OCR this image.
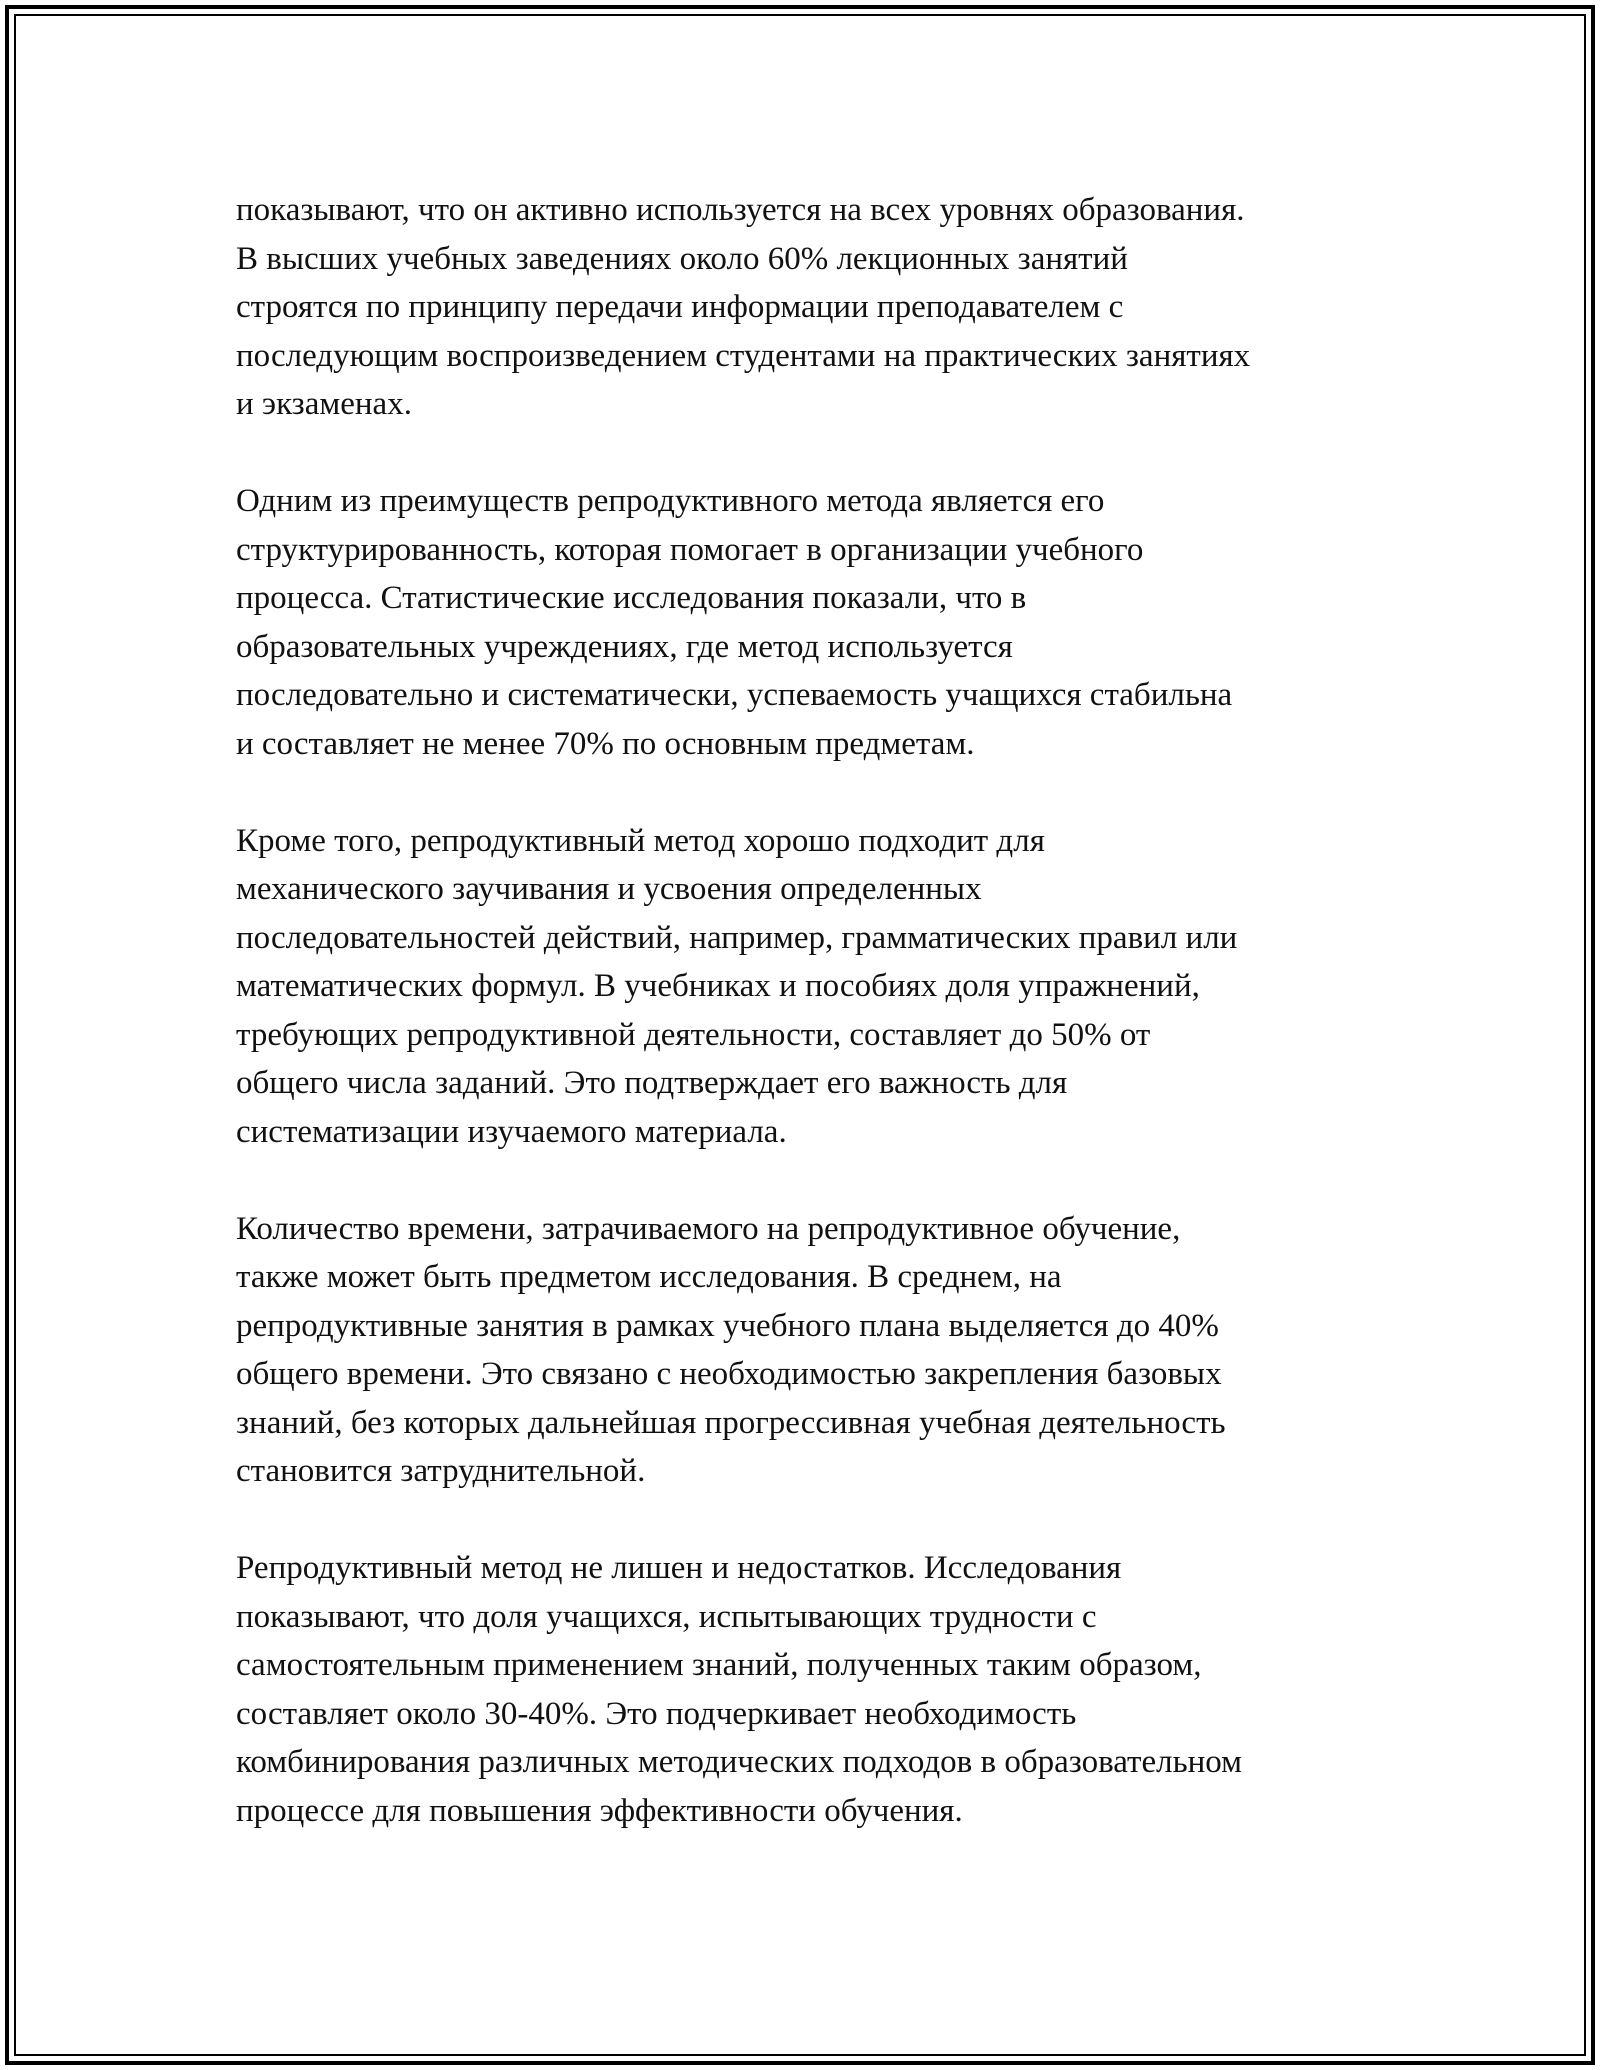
показывают, что он активно используется на всех уровнях образования.
В высших учебных заведениях около 60% лекционных занятий
строятся по принципу передачи информации преподавателем с
последующим воспроизведением студентами на практических занятиях
и экзаменах.

Одним из преимуществ репродуктивного метода является его
структурированность, которая помогает в организации учебного
процесса. Статистические исследования показали, что в
образовательных учреждениях, где метод используется
последовательно и систематически, успеваемость учащихся стабильна
и составляет не менее 70% по основным предметам.

Кроме того, репродуктивный метод хорошо подходит для
механического заучивания и усвоения определенных
последовательностей действий, например, грамматических правил или
математических формул. В учебниках и пособиях доля упражнений,
требующих репродуктивной деятельности, составляет до 50% от
общего числа заданий. Это подтверждает его важность для
систематизации изучаемого материала.

Количество времени, затрачиваемого на репродуктивное обучение,
также может быть предметом исследования. В среднем, на
репродуктивные занятия в рамках учебного плана выделяется до 40%
общего времени. Это связано с необходимостью закрепления базовых
знаний, без которых дальнейшая прогрессивная учебная деятельность
становится затруднительной.

Репродуктивный метод не лишен и недостатков. Исследования
показывают, что доля учащихся, испытывающих трудности с
самостоятельным применением знаний, полученных таким образом,
составляет около 30-40%. Это подчеркивает необходимость
комбинирования различных методических подходов в образовательном
процессе для повышения эффективности обучения.
